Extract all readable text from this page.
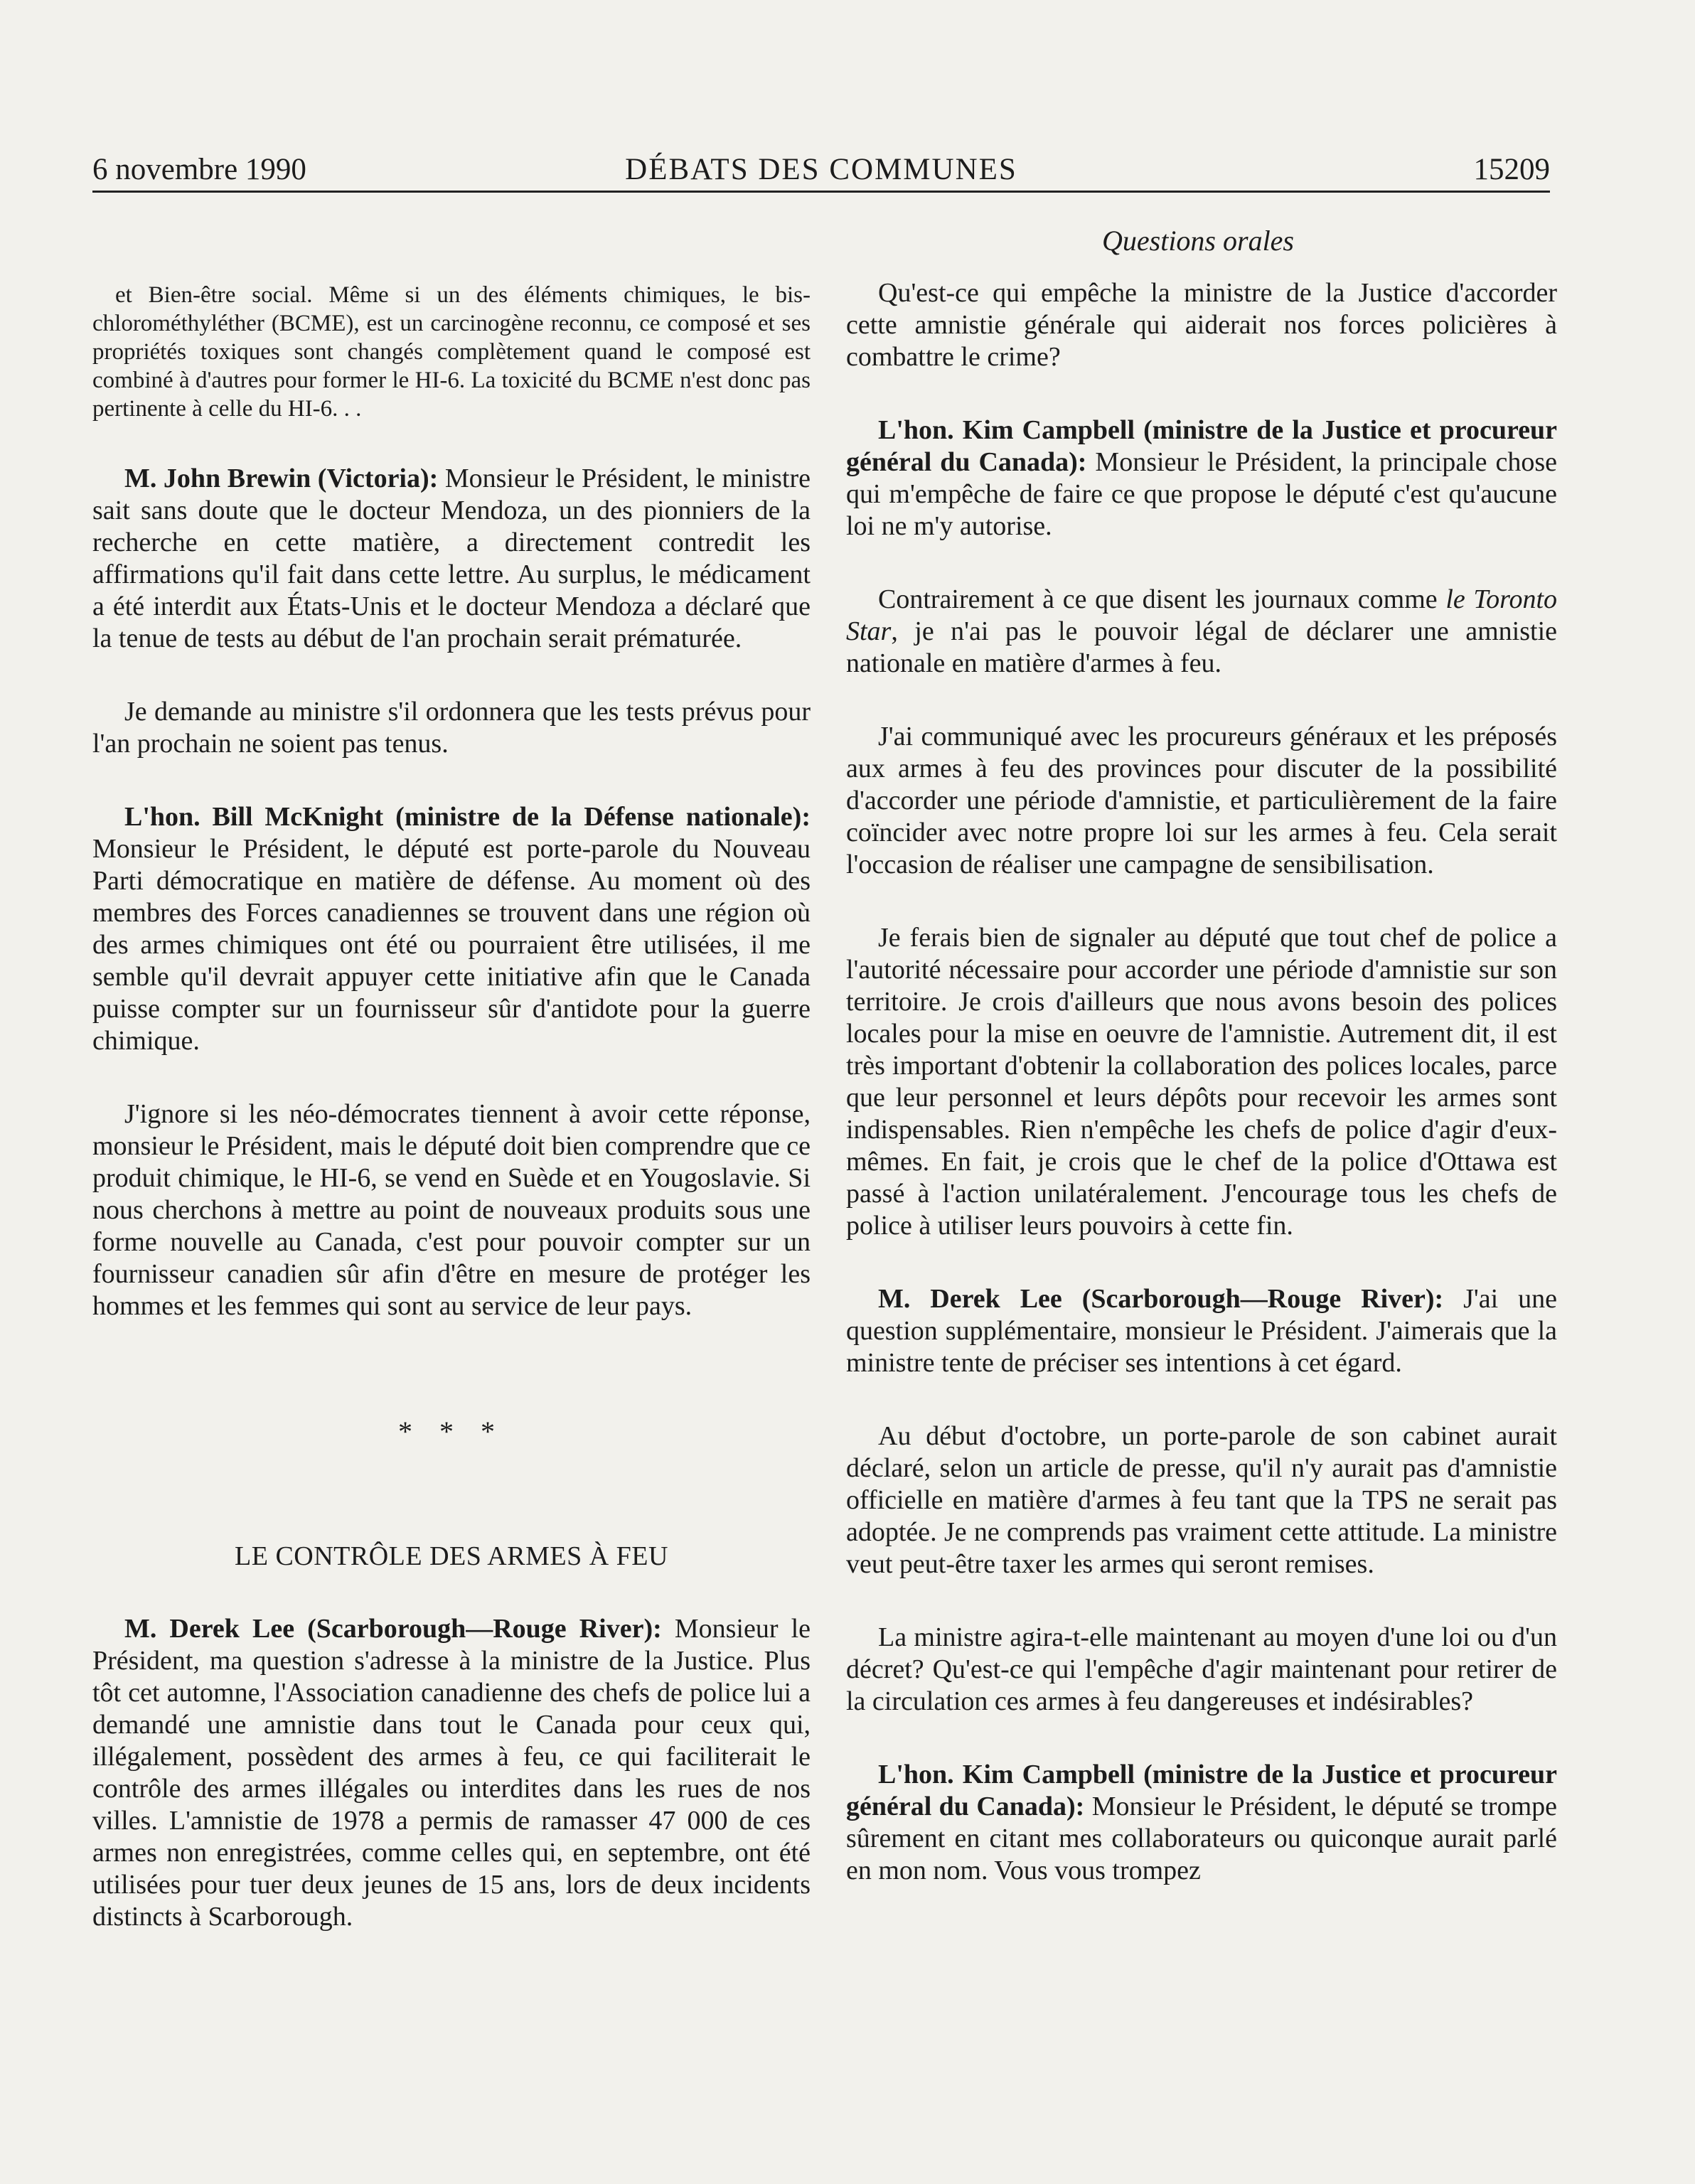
6 novembre 1990	DÉBATS DES COMMUNES	15209
Questions orales

et Bien-être social. Même si un des éléments chimiques, le bis-chlorométhyléther (BCME), est un carcinogène reconnu, ce composé et ses propriétés toxiques sont changés complètement quand le composé est combiné à d'autres pour former le HI-6. La toxicité du BCME n'est donc pas pertinente à celle du HI-6. . .

M. John Brewin (Victoria): Monsieur le Président, le ministre sait sans doute que le docteur Mendoza, un des pionniers de la recherche en cette matière, a directement contredit les affirmations qu'il fait dans cette lettre. Au surplus, le médicament a été interdit aux États-Unis et le docteur Mendoza a déclaré que la tenue de tests au début de l'an prochain serait prématurée.

Je demande au ministre s'il ordonnera que les tests prévus pour l'an prochain ne soient pas tenus.

L'hon. Bill McKnight (ministre de la Défense nationale): Monsieur le Président, le député est porte-parole du Nouveau Parti démocratique en matière de défense. Au moment où des membres des Forces canadiennes se trouvent dans une région où des armes chimiques ont été ou pourraient être utilisées, il me semble qu'il devrait appuyer cette initiative afin que le Canada puisse compter sur un fournisseur sûr d'antidote pour la guerre chimique.

J'ignore si les néo-démocrates tiennent à avoir cette réponse, monsieur le Président, mais le député doit bien comprendre que ce produit chimique, le HI-6, se vend en Suède et en Yougoslavie. Si nous cherchons à mettre au point de nouveaux produits sous une forme nouvelle au Canada, c'est pour pouvoir compter sur un fournisseur canadien sûr afin d'être en mesure de protéger les hommes et les femmes qui sont au service de leur pays.

* * *
LE CONTRÔLE DES ARMES À FEU

M. Derek Lee (Scarborough—Rouge River): Monsieur le Président, ma question s'adresse à la ministre de la Justice. Plus tôt cet automne, l'Association canadienne des chefs de police lui a demandé une amnistie dans tout le Canada pour ceux qui, illégalement, possèdent des armes à feu, ce qui faciliterait le contrôle des armes illégales ou interdites dans les rues de nos villes. L'amnistie de 1978 a permis de ramasser 47 000 de ces armes non enregistrées, comme celles qui, en septembre, ont été utilisées pour tuer deux jeunes de 15 ans, lors de deux incidents distincts à Scarborough.

Qu'est-ce qui empêche la ministre de la Justice d'accorder cette amnistie générale qui aiderait nos forces policières à combattre le crime?

L'hon. Kim Campbell (ministre de la Justice et procureur général du Canada): Monsieur le Président, la principale chose qui m'empêche de faire ce que propose le député c'est qu'aucune loi ne m'y autorise.

Contrairement à ce que disent les journaux comme le Toronto Star, je n'ai pas le pouvoir légal de déclarer une amnistie nationale en matière d'armes à feu.

J'ai communiqué avec les procureurs généraux et les préposés aux armes à feu des provinces pour discuter de la possibilité d'accorder une période d'amnistie, et particulièrement de la faire coïncider avec notre propre loi sur les armes à feu. Cela serait l'occasion de réaliser une campagne de sensibilisation.

Je ferais bien de signaler au député que tout chef de police a l'autorité nécessaire pour accorder une période d'amnistie sur son territoire. Je crois d'ailleurs que nous avons besoin des polices locales pour la mise en oeuvre de l'amnistie. Autrement dit, il est très important d'obtenir la collaboration des polices locales, parce que leur personnel et leurs dépôts pour recevoir les armes sont indispensables. Rien n'empêche les chefs de police d'agir d'eux-mêmes. En fait, je crois que le chef de la police d'Ottawa est passé à l'action unilatéralement. J'encourage tous les chefs de police à utiliser leurs pouvoirs à cette fin.

M. Derek Lee (Scarborough—Rouge River): J'ai une question supplémentaire, monsieur le Président. J'aimerais que la ministre tente de préciser ses intentions à cet égard.

Au début d'octobre, un porte-parole de son cabinet aurait déclaré, selon un article de presse, qu'il n'y aurait pas d'amnistie officielle en matière d'armes à feu tant que la TPS ne serait pas adoptée. Je ne comprends pas vraiment cette attitude. La ministre veut peut-être taxer les armes qui seront remises.

La ministre agira-t-elle maintenant au moyen d'une loi ou d'un décret? Qu'est-ce qui l'empêche d'agir maintenant pour retirer de la circulation ces armes à feu dangereuses et indésirables?

L'hon. Kim Campbell (ministre de la Justice et procureur général du Canada): Monsieur le Président, le député se trompe sûrement en citant mes collaborateurs ou quiconque aurait parlé en mon nom. Vous vous trompez
